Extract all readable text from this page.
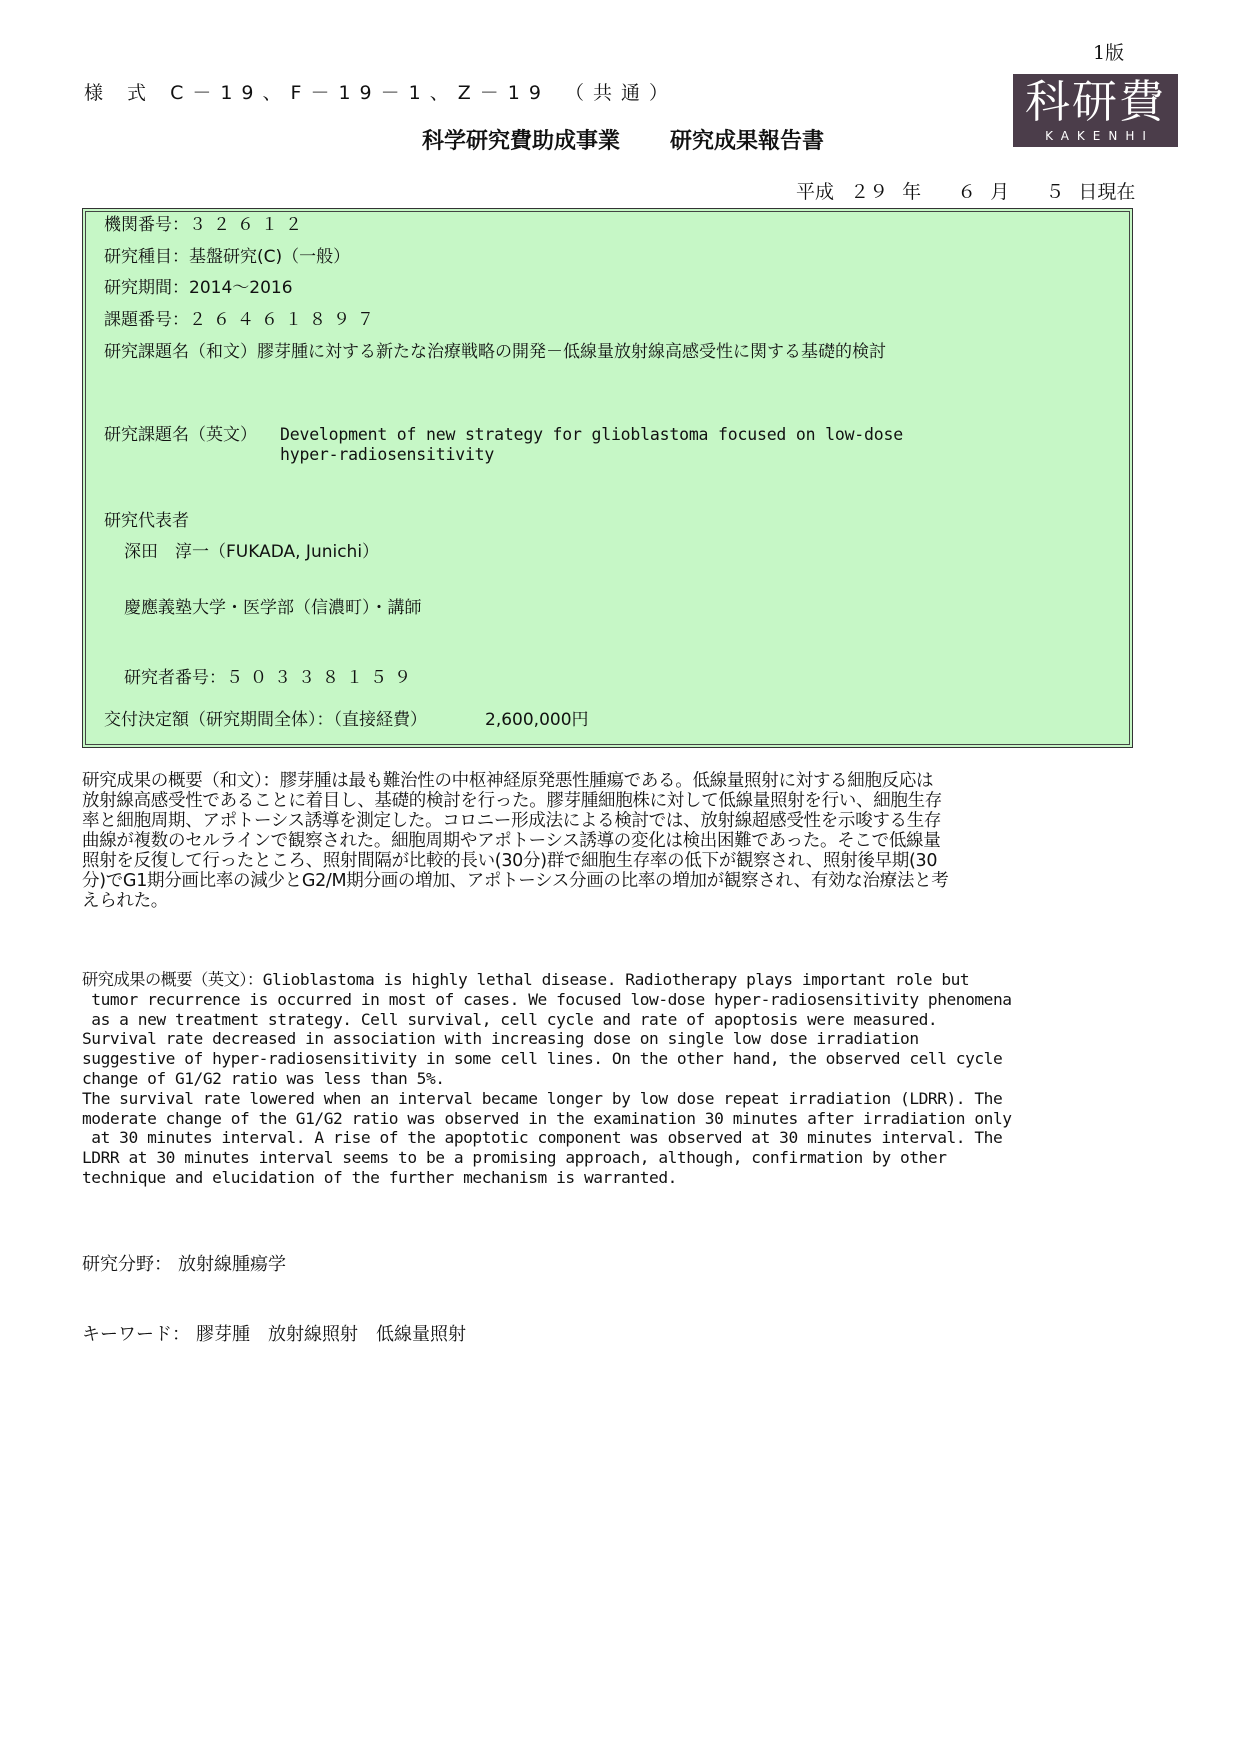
1版
様 式 C－19、F－19－1、Z－19 （共通）	科研費
KAKENHI
科学研究費助成事業 研究成果報告書
平成 ２９ 年 ６ 月 ５ 日現在
機関番号：３２６１２
研究種目：基盤研究(C)（一般）
研究期間：2014～2016
課題番号：２６４６１８９７
研究課題名（和文）膠芽腫に対する新たな治療戦略の開発－低線量放射線高感受性に関する基礎的検討
研究課題名（英文） Development of new strategy for glioblastoma focused on low-dose
hyper-radiosensitivity
研究代表者
深田　淳一（FUKADA, Junichi）
慶應義塾大学・医学部（信濃町）・講師
研究者番号：５０３３８１５９
交付決定額（研究期間全体）：（直接経費）	2,600,000円
研究成果の概要（和文）：膠芽腫は最も難治性の中枢神経原発悪性腫瘍である。低線量照射に対する細胞反応は
放射線高感受性であることに着目し、基礎的検討を行った。膠芽腫細胞株に対して低線量照射を行い、細胞生存
率と細胞周期、アポトーシス誘導を測定した。コロニー形成法による検討では、放射線超感受性を示唆する生存
曲線が複数のセルラインで観察された。細胞周期やアポトーシス誘導の変化は検出困難であった。そこで低線量
照射を反復して行ったところ、照射間隔が比較的長い(30分)群で細胞生存率の低下が観察され、照射後早期(30
分)でG1期分画比率の減少とG2/M期分画の増加、アポトーシス分画の比率の増加が観察され、有効な治療法と考
えられた。
研究成果の概要（英文）：Glioblastoma is highly lethal disease. Radiotherapy plays important role but
tumor recurrence is occurred in most of cases. We focused low-dose hyper-radiosensitivity phenomena
as a new treatment strategy. Cell survival, cell cycle and rate of apoptosis were measured.
Survival rate decreased in association with increasing dose on single low dose irradiation
suggestive of hyper-radiosensitivity in some cell lines. On the other hand, the observed cell cycle
change of G1/G2 ratio was less than 5%.
The survival rate lowered when an interval became longer by low dose repeat irradiation (LDRR). The
moderate change of the G1/G2 ratio was observed in the examination 30 minutes after irradiation only
at 30 minutes interval. A rise of the apoptotic component was observed at 30 minutes interval. The
LDRR at 30 minutes interval seems to be a promising approach, although, confirmation by other
technique and elucidation of the further mechanism is warranted.
研究分野： 放射線腫瘍学
キーワード： 膠芽腫　放射線照射　低線量照射
